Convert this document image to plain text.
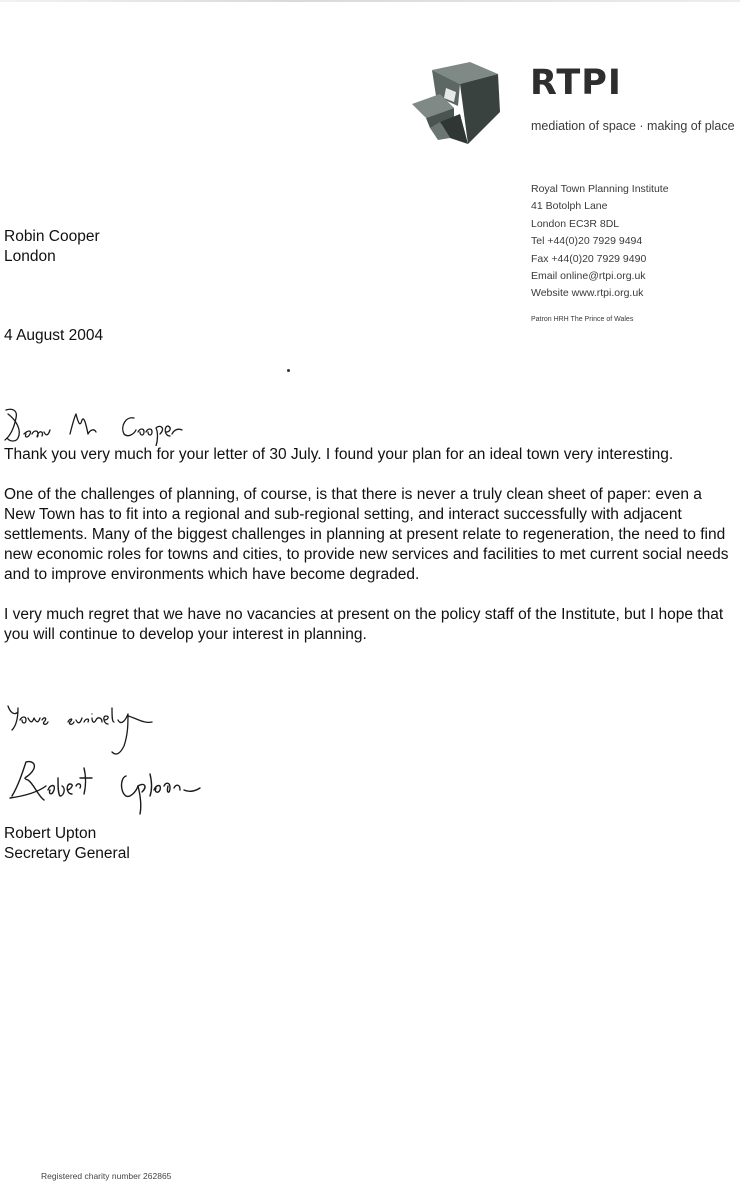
RTPI
mediation of space · making of place
Royal Town Planning Institute
41 Botolph Lane
London EC3R 8DL
Tel +44(0)20 7929 9494
Fax +44(0)20 7929 9490
Email online@rtpi.org.uk
Website www.rtpi.org.uk
Patron HRH The Prince of Wales
Robin Cooper
London
4 August 2004

Thank you very much for your letter of 30 July. I found your plan for an ideal town very interesting.

One of the challenges of planning, of course, is that there is never a truly clean sheet of paper: even a New Town has to fit into a regional and sub-regional setting, and interact successfully with adjacent settlements. Many of the biggest challenges in planning at present relate to regeneration, the need to find new economic roles for towns and cities, to provide new services and facilities to met current social needs and to improve environments which have become degraded.

I very much regret that we have no vacancies at present on the policy staff of the Institute, but I hope that you will continue to develop your interest in planning.

Robert Upton
Secretary General
Registered charity number 262865
